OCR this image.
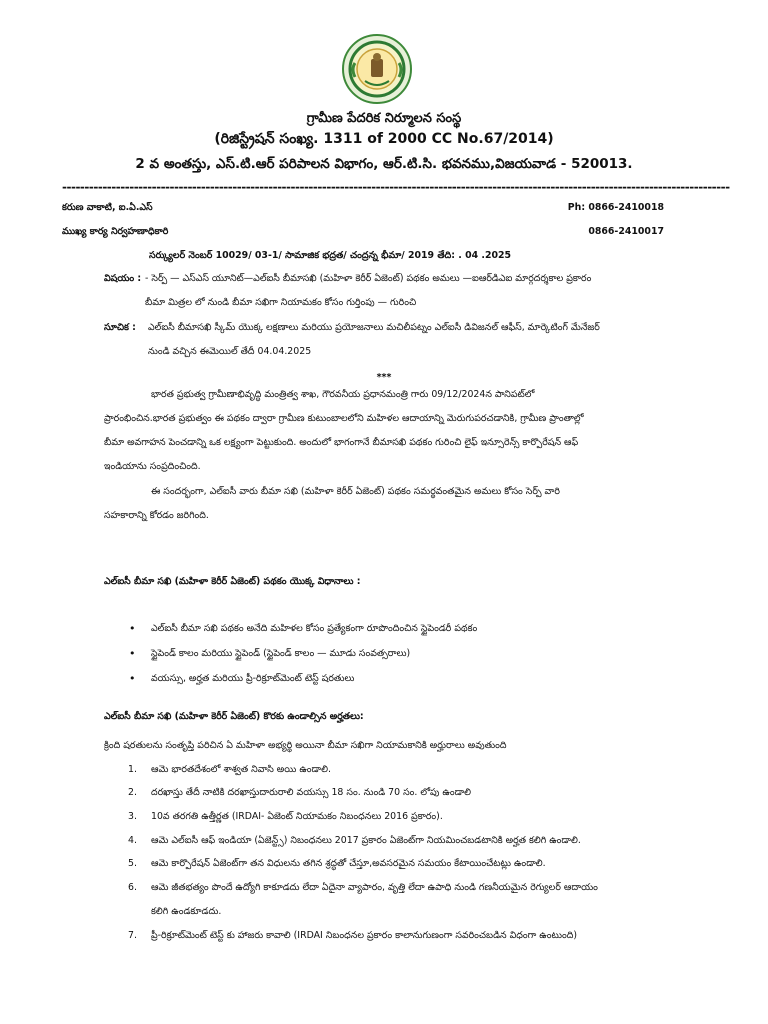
గ్రామీణ పేదరిక నిర్మూలన సంస్థ
(రిజిస్ట్రేషన్ సంఖ్య. 1311 of 2000 CC No.67/2014)
2 వ అంతస్తు, ఎస్.టి.ఆర్ పరిపాలన విభాగం, ఆర్.టి.సి. భవనము,విజయవాడ - 520013.
-----------------------------------------------------------------------------------------------------------------------------------------------------
కరుణ వాకాటి, ఐ.ఏ.ఎస్	Ph: 0866-2410018
ముఖ్య కార్య నిర్వహణాధికారి	0866-2410017
సర్క్యులర్ నెంబర్ 10029/ 03-1/ సామాజిక భద్రత/ చంద్రన్న భీమా/ 2019 తేది: . 04 .2025
విషయం : - సెర్ప్ — ఎస్ఎస్ యూనిట్—ఎల్ఐసీ బీమాసఖి (మహిళా కెరీర్ ఏజెంట్) పథకం అమలు —ఐఆర్‌డిఎఐ మార్గదర్శకాల ప్రకారం
బీమా మిత్రల లో నుండి బీమా సఖిగా నియామకం కోసం గుర్తింపు — గురించి
సూచిక : ఎల్ఐసీ బీమాసఖి స్కీమ్ యొక్క లక్షణాలు మరియు ప్రయోజనాలు మచిలీపట్నం ఎల్ఐసీ డివిజనల్ ఆఫీస్, మార్కెటింగ్ మేనేజర్
నుండి వచ్చిన ఈమెయిల్ తేదీ 04.04.2025
***
భారత ప్రభుత్వ గ్రామీణాభివృద్ధి మంత్రిత్వ శాఖ, గౌరవనీయ ప్రధానమంత్రి గారు 09/12/2024న పానిపట్‌లో
ప్రారంభించిన.భారత ప్రభుత్వం ఈ పథకం ద్వారా గ్రామీణ కుటుంబాలలోని మహిళల ఆదాయాన్ని మెరుగుపరచడానికి, గ్రామీణ ప్రాంతాల్లో
బీమా అవగాహన పెంచడాన్ని ఒక లక్ష్యంగా పెట్టుకుంది. అందులో భాగంగానే బీమాసఖి పథకం గురించి లైఫ్ ఇన్సూరెన్స్ కార్పొరేషన్ ఆఫ్
ఇండియాను సంప్రదించింది.
ఈ సందర్భంగా, ఎల్ఐసీ వారు బీమా సఖి (మహిళా కెరీర్ ఏజెంట్) పథకం సమర్థవంతమైన అమలు కోసం సెర్ప్ వారి
సహకారాన్ని కోరడం జరిగింది.
ఎల్ఐసీ బీమా సఖి (మహిళా కెరీర్ ఏజెంట్) పథకం యొక్క విధానాలు :
• ఎల్ఐసీ బీమా సఖి పథకం అనేది మహిళల కోసం ప్రత్యేకంగా రూపొందించిన స్టైపెండరీ పథకం
• స్టైపెండ్ కాలం మరియు స్టైపెండ్ (స్టైపెండ్ కాలం — మూడు సంవత్సరాలు)
• వయస్సు, అర్హత మరియు ప్రీ-రిక్రూట్‌మెంట్ టెస్ట్ షరతులు
ఎల్ఐసీ బీమా సఖి (మహిళా కెరీర్ ఏజెంట్) కొరకు ఉండాల్సిన అర్హతలు:
క్రింది షరతులను సంతృప్తి పరిచిన ఏ మహిళా అభ్యర్థి అయినా బీమా సఖిగా నియామకానికి అర్హురాలు అవుతుంది
1. ఆమె భారతదేశంలో శాశ్వత నివాసి అయి ఉండాలి.
2. దరఖాస్తు తేదీ నాటికి దరఖాస్తుదారురాలి వయస్సు 18 సం. నుండి 70 సం. లోపు ఉండాలి
3. 10వ తరగతి ఉత్తీర్ణత (IRDAI- ఏజెంట్ నియామకం నిబంధనలు 2016 ప్రకారం).
4. ఆమె ఎల్ఐసీ ఆఫ్ ఇండియా (ఏజెన్ట్స్) నిబంధనలు 2017 ప్రకారం ఏజెంట్‌గా నియమించబడటానికి అర్హత కలిగి ఉండాలి.
5. ఆమె కార్పొరేషన్ ఏజెంట్‌గా తన విధులను తగిన శ్రద్ధతో చేస్తూ,అవసరమైన సమయం కేటాయించేటట్లు ఉండాలి.
6. ఆమె జీతభత్యం పొందే ఉద్యోగి కాకూడదు లేదా ఏదైనా వ్యాపారం, వృత్తి లేదా ఉపాధి నుండి గణనీయమైన రెగ్యులర్ ఆదాయం
కలిగి ఉండకూడదు.
7. ప్రీ-రిక్రూట్‌మెంట్ టెస్ట్ కు హాజరు కావాలి (IRDAI నిబంధనల ప్రకారం కాలానుగుణంగా సవరించబడిన విధంగా ఉంటుంది)
